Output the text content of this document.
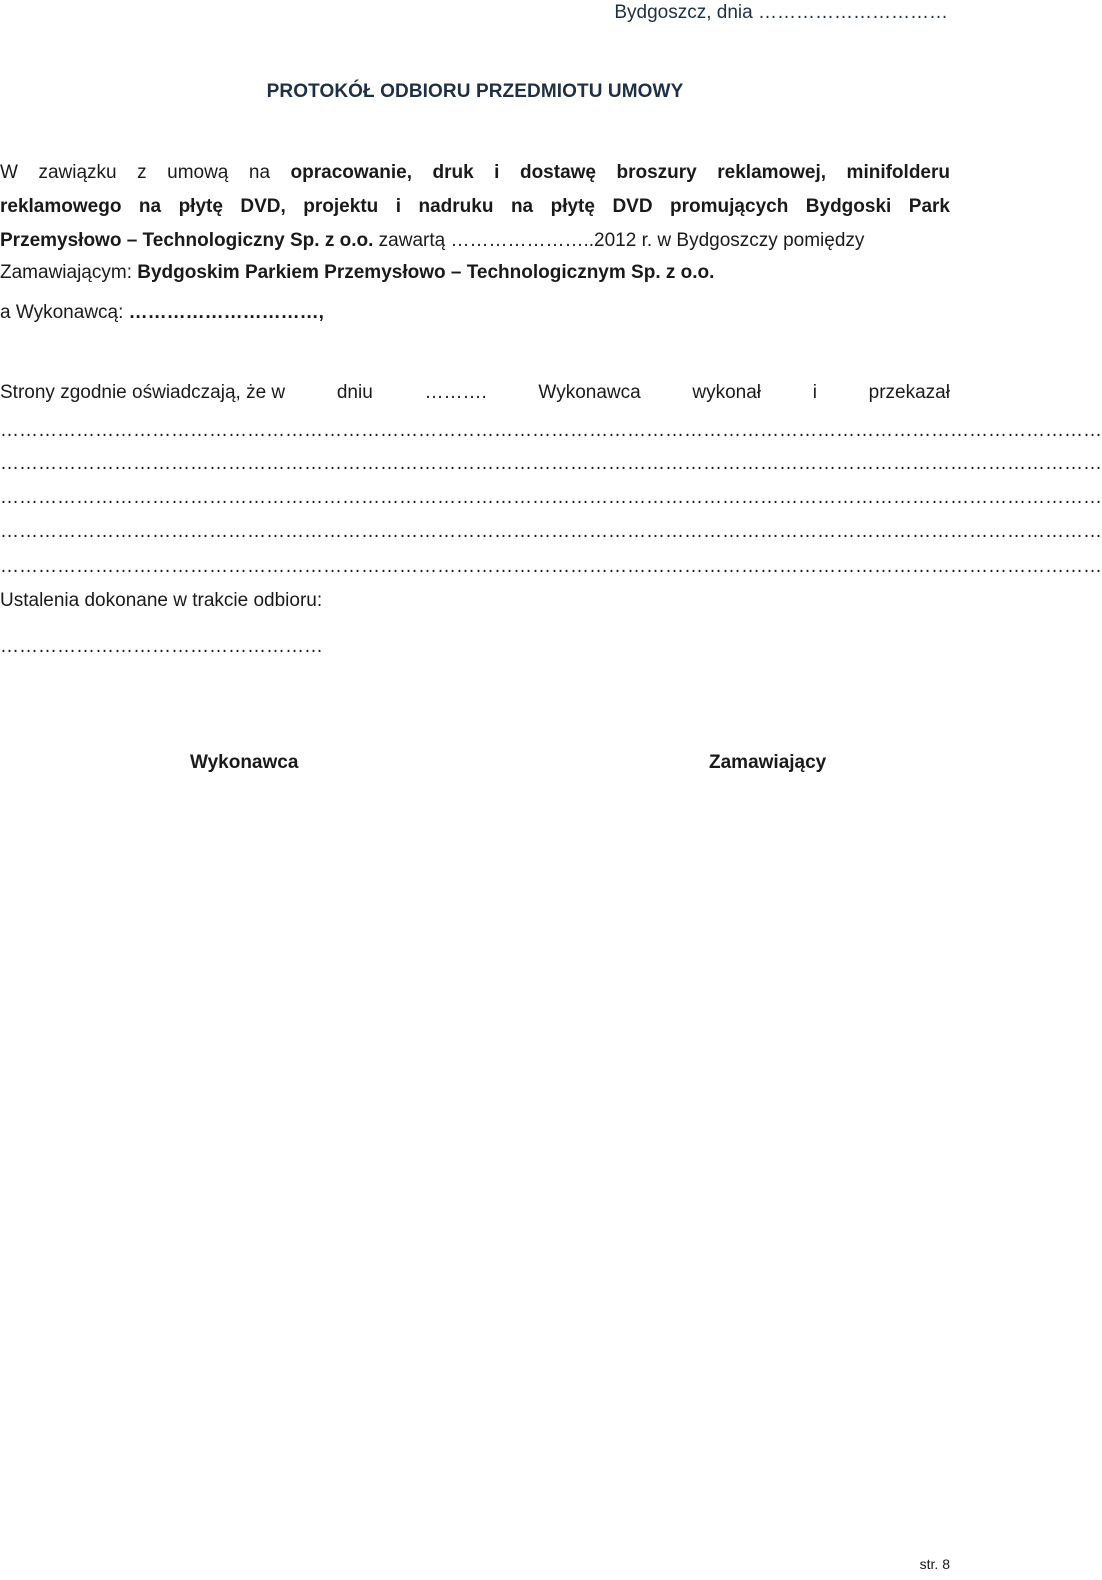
Bydgoszcz, dnia …………………………
PROTOKÓŁ ODBIORU PRZEDMIOTU UMOWY
W zawiązku z umową na opracowanie, druk i dostawę broszury reklamowej, minifolderu
reklamowego na płytę DVD, projektu i nadruku na płytę DVD promujących Bydgoski Park
Przemysłowo – Technologiczny Sp. z o.o. zawartą …………………..2012 r. w Bydgoszczy pomiędzy
Zamawiającym: Bydgoskim Parkiem Przemysłowo – Technologicznym Sp. z o.o.
a Wykonawcą: …………………………,
Strony zgodnie oświadczają, że w	dniu	……….	Wykonawca	wykonał	i	przekazał
…………………………………………………………………………………………………………………………………………………………
…………………………………………………………………………………………………………………………………………………………
…………………………………………………………………………………………………………………………………………………………
…………………………………………………………………………………………………………………………………………………………
…………………………………………………………………………………………………………………………………………………………
Ustalenia dokonane w trakcie odbioru:
……………………………………………
Wykonawca	Zamawiający
str. 8
